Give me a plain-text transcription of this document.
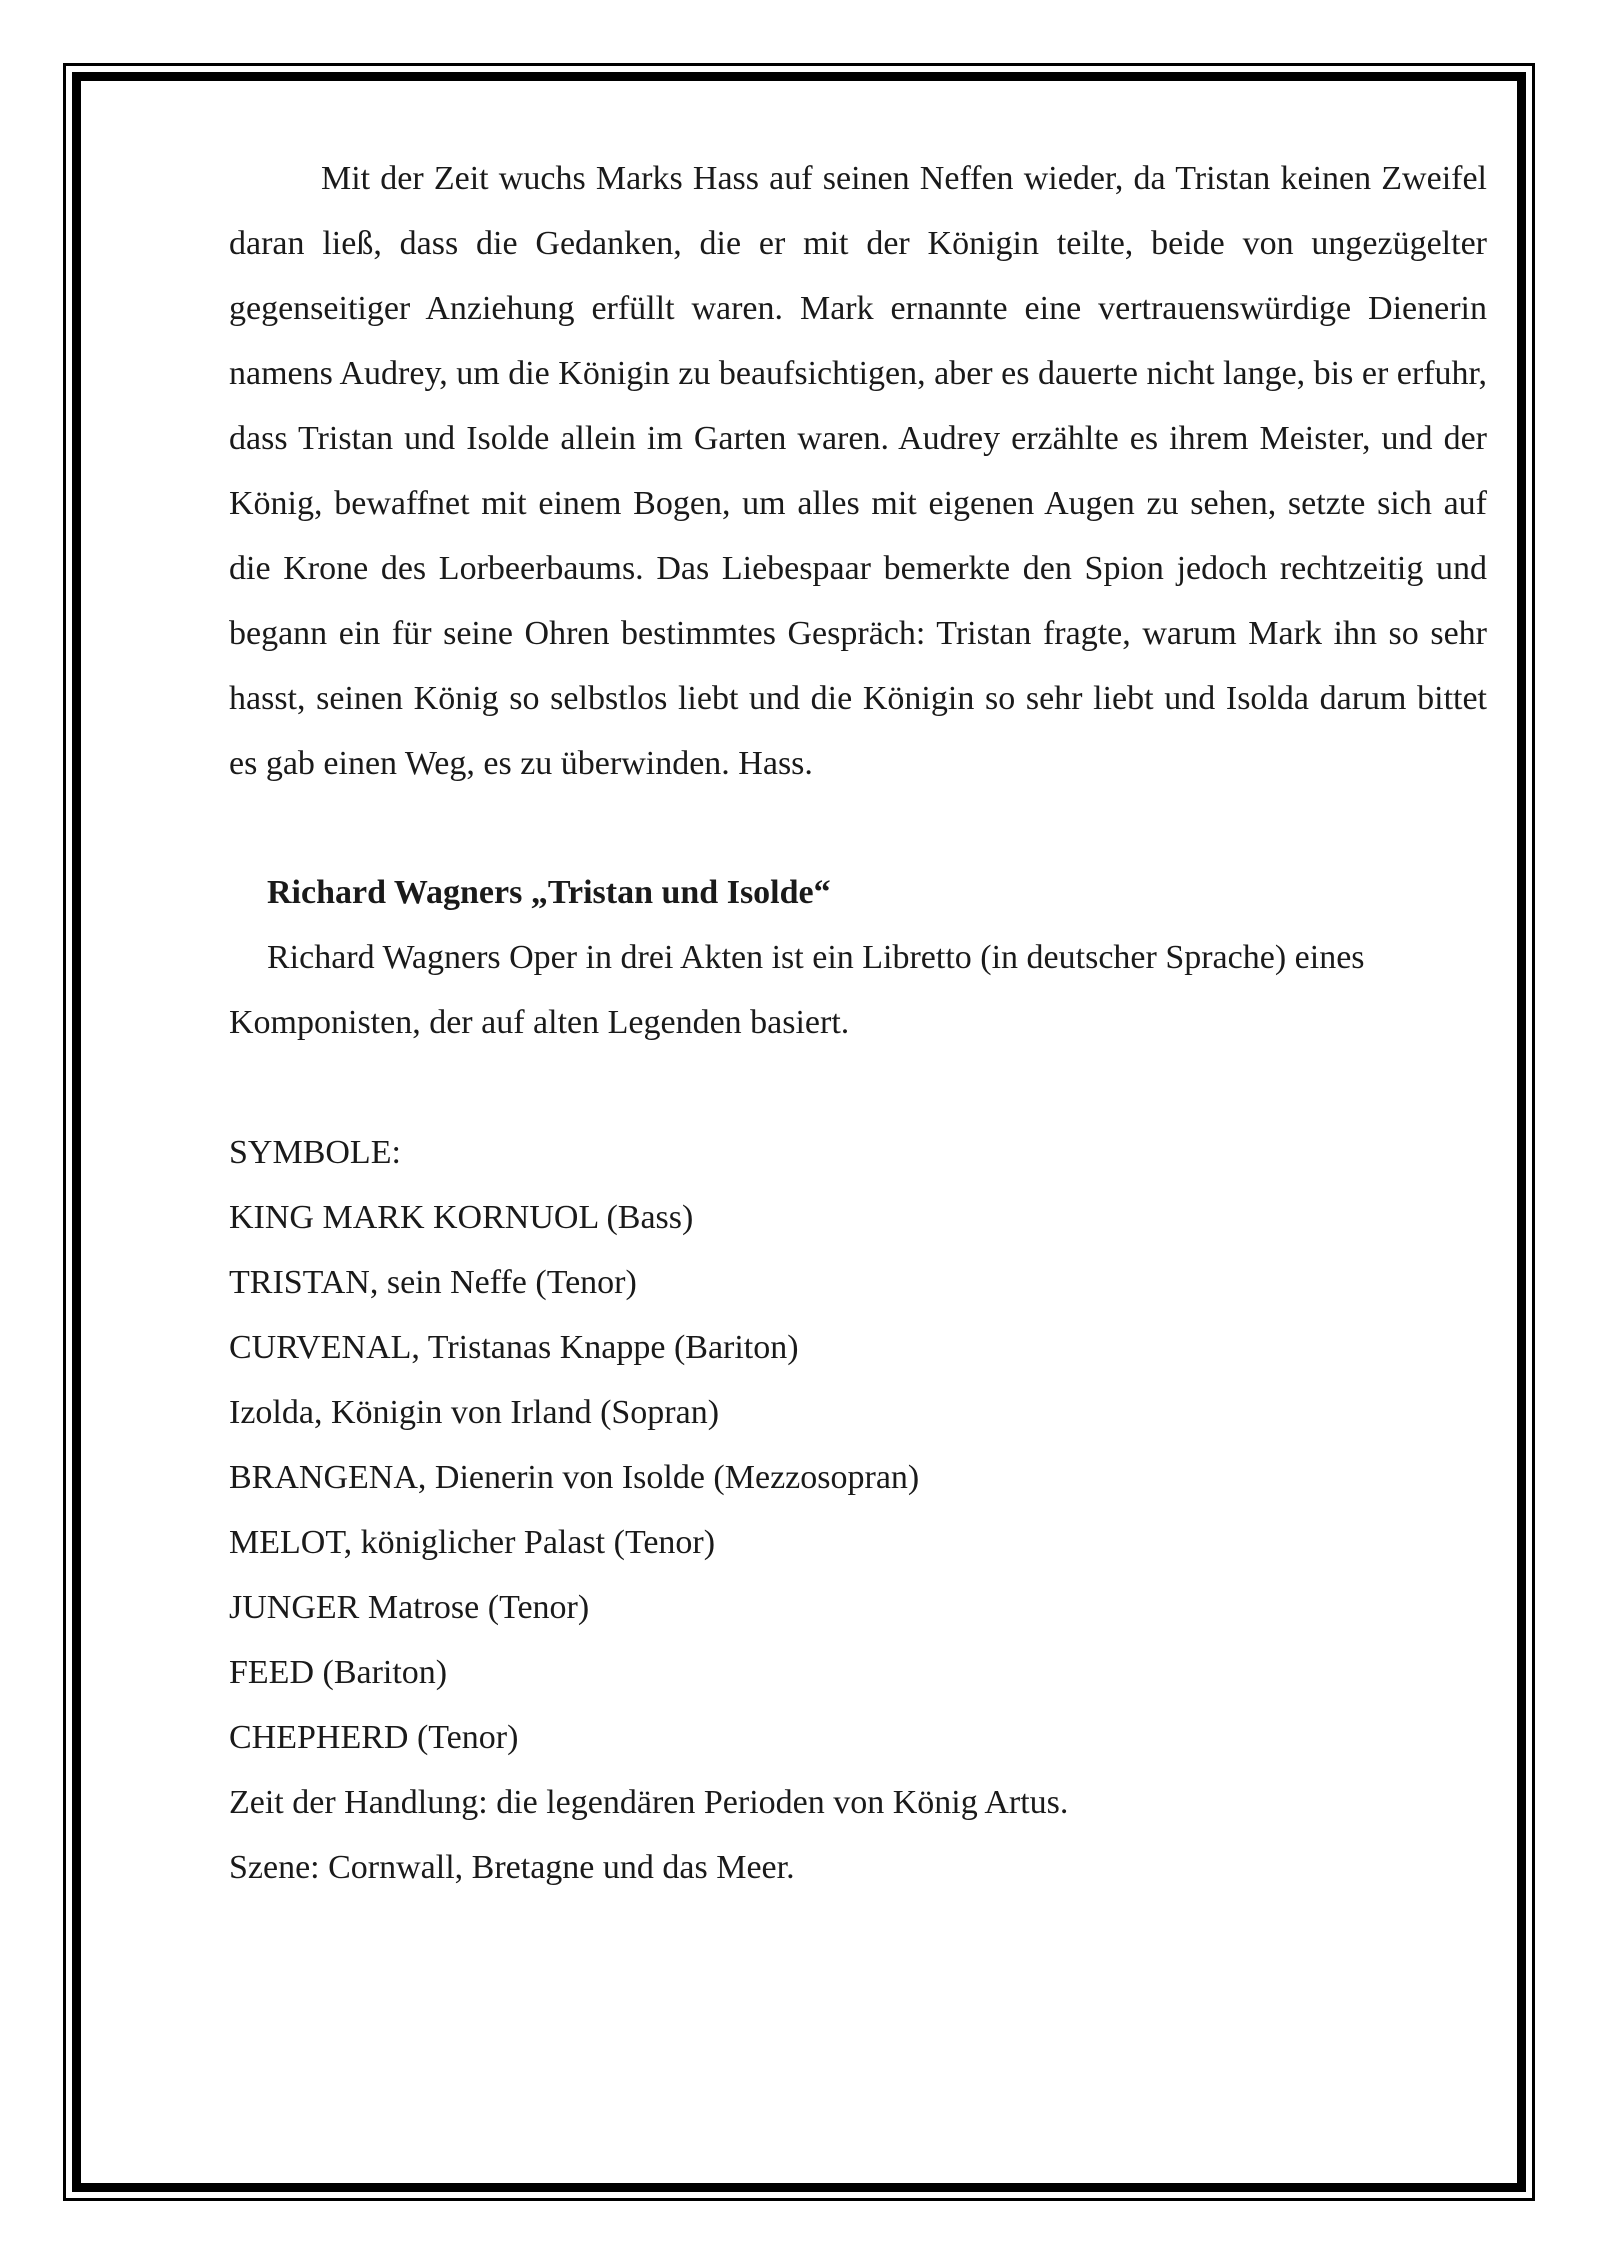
Mit der Zeit wuchs Marks Hass auf seinen Neffen wieder, da Tristan keinen Zweifel daran ließ, dass die Gedanken, die er mit der Königin teilte, beide von ungezügelter gegenseitiger Anziehung erfüllt waren. Mark ernannte eine vertrauenswürdige Dienerin namens Audrey, um die Königin zu beaufsichtigen, aber es dauerte nicht lange, bis er erfuhr, dass Tristan und Isolde allein im Garten waren. Audrey erzählte es ihrem Meister, und der König, bewaffnet mit einem Bogen, um alles mit eigenen Augen zu sehen, setzte sich auf die Krone des Lorbeerbaums. Das Liebespaar bemerkte den Spion jedoch rechtzeitig und begann ein für seine Ohren bestimmtes Gespräch: Tristan fragte, warum Mark ihn so sehr hasst, seinen König so selbstlos liebt und die Königin so sehr liebt und Isolda darum bittet es gab einen Weg, es zu überwinden. Hass.

Richard Wagners „Tristan und Isolde“

Richard Wagners Oper in drei Akten ist ein Libretto (in deutscher Sprache) eines Komponisten, der auf alten Legenden basiert.

SYMBOLE:
KING MARK KORNUOL (Bass)
TRISTAN, sein Neffe (Tenor)
CURVENAL, Tristanas Knappe (Bariton)
Izolda, Königin von Irland (Sopran)
BRANGENA, Dienerin von Isolde (Mezzosopran)
MELOT, königlicher Palast (Tenor)
JUNGER Matrose (Tenor)
FEED (Bariton)
CHEPHERD (Tenor)
Zeit der Handlung: die legendären Perioden von König Artus.
Szene: Cornwall, Bretagne und das Meer.
